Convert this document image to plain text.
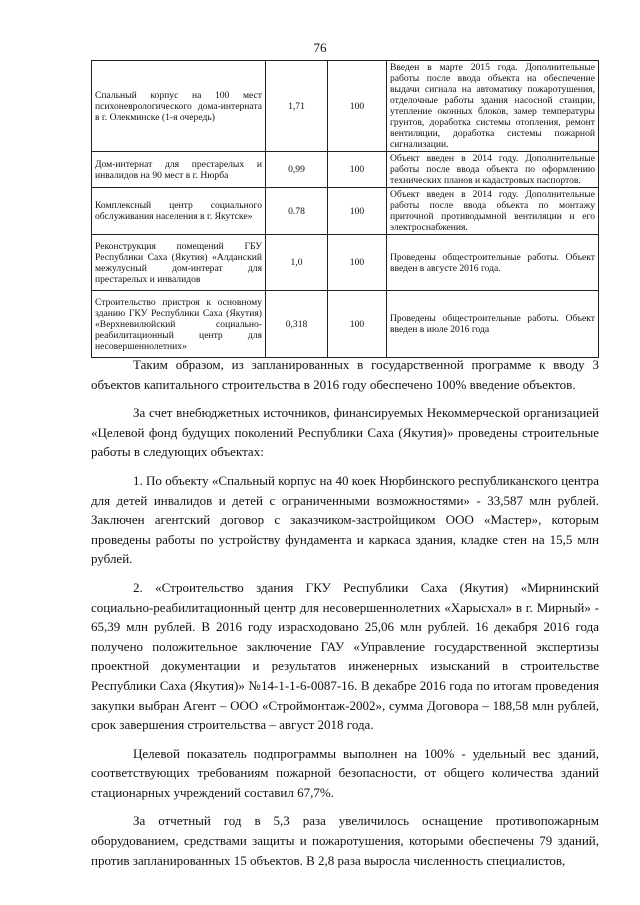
76
Спальный корпус на 100 мест психоневрологического дома-интерната в г. Олекминске (1-я очередь)	1,71	100	Введен в марте 2015 года. Дополнительные работы после ввода объекта на обеспечение выдачи сигнала на автоматику пожаротушения, отделочные работы здания насосной станции, утепление оконных блоков, замер температуры грунтов, доработка системы отопления, ремонт вентиляции, доработка системы пожарной сигнализации.
Дом-интернат для престарелых и инвалидов на 90 мест в г. Нюрба	0,99	100	Объект введен в 2014 году. Дополнительные работы после ввода объекта по оформлению технических планов и кадастровых паспортов.
Комплексный центр социального обслуживания населения в г. Якутске»	0.78	100	Объект введен в 2014 году. Дополнительные работы после ввода объекта по монтажу приточной противодымной вентиляции и его электроснабжения.
Реконструкция помещений ГБУ Республики Саха (Якутия) «Алданский межулусный дом-интерат для престарелых и инвалидов	1,0	100	Проведены общестроительные работы. Объект введен в августе 2016 года.
Строительство пристроя к основному зданию ГКУ Республики Саха (Якутия) «Верхневилюйский социально-реабилитационный центр для несовершеннолетних»	0,318	100	Проведены общестроительные работы. Объект введен в июле 2016 года

Таким образом, из запланированных в государственной программе к вводу 3 объектов капитального строительства в 2016 году обеспечено 100% введение объектов.

За счет внебюджетных источников, финансируемых Некоммерческой организацией «Целевой фонд будущих поколений Республики Саха (Якутия)» проведены строительные работы в следующих объектах:

1. По объекту «Спальный корпус на 40 коек Нюрбинского республиканского центра для детей инвалидов и детей с ограниченными возможностями» - 33,587 млн рублей. Заключен агентский договор с заказчиком-застройщиком ООО «Мастер», которым проведены работы по устройству фундамента и каркаса здания, кладке стен на 15,5 млн рублей.

2. «Строительство здания ГКУ Республики Саха (Якутия) «Мирнинский социально-реабилитационный центр для несовершеннолетних «Харысхал» в г. Мирный» - 65,39 млн рублей. В 2016 году израсходовано 25,06 млн рублей. 16 декабря 2016 года получено положительное заключение ГАУ «Управление государственной экспертизы проектной документации и результатов инженерных изысканий в строительстве Республики Саха (Якутия)» №14-1-1-6-0087-16. В декабре 2016 года по итогам проведения закупки выбран Агент – ООО «Строймонтаж-2002», сумма Договора – 188,58 млн рублей, срок завершения строительства – август 2018 года.

Целевой показатель подпрограммы выполнен на 100% - удельный вес зданий, соответствующих требованиям пожарной безопасности, от общего количества зданий стационарных учреждений составил 67,7%.

За отчетный год в 5,3 раза увеличилось оснащение противопожарным оборудованием, средствами защиты и пожаротушения, которыми обеспечены 79 зданий, против запланированных 15 объектов. В 2,8 раза выросла численность специалистов,
